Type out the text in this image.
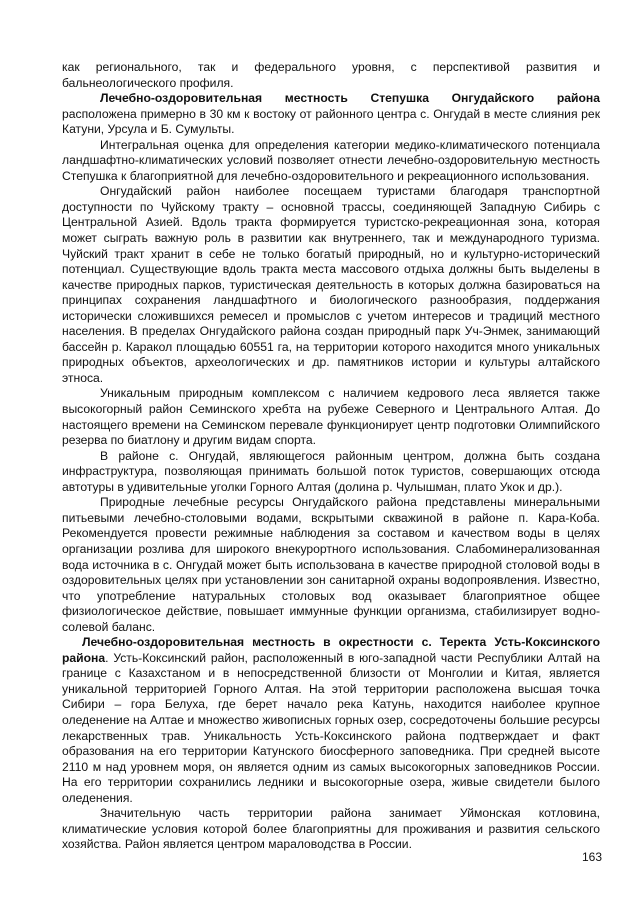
как регионального, так и федерального уровня, с перспективой развития и бальнеологического профиля.

Лечебно-оздоровительная местность Степушка Онгудайского района расположена примерно в 30 км к востоку от районного центра с. Онгудай в месте слияния рек Катуни, Урсула и Б. Сумульты.

Интегральная оценка для определения категории медико-климатического потенциала ландшафтно-климатических условий позволяет отнести лечебно-оздоровительную местность Степушка к благоприятной для лечебно-оздоровительного и рекреационного использования.

Онгудайский район наиболее посещаем туристами благодаря транспортной доступности по Чуйскому тракту – основной трассы, соединяющей Западную Сибирь с Центральной Азией. Вдоль тракта формируется туристско-рекреационная зона, которая может сыграть важную роль в развитии как внутреннего, так и международного туризма. Чуйский тракт хранит в себе не только богатый природный, но и культурно-исторический потенциал. Существующие вдоль тракта места массового отдыха должны быть выделены в качестве природных парков, туристическая деятельность в которых должна базироваться на принципах сохранения ландшафтного и биологического разнообразия, поддержания исторически сложившихся ремесел и промыслов с учетом интересов и традиций местного населения. В пределах Онгудайского района создан природный парк Уч-Энмек, занимающий бассейн р. Каракол площадью 60551 га, на территории которого находится много уникальных природных объектов, археологических и др. памятников истории и культуры алтайского этноса.

Уникальным природным комплексом с наличием кедрового леса является также высокогорный район Семинского хребта на рубеже Северного и Центрального Алтая. До настоящего времени на Семинском перевале функционирует центр подготовки Олимпийского резерва по биатлону и другим видам спорта.

В районе с. Онгудай, являющегося районным центром, должна быть создана инфраструктура, позволяющая принимать большой поток туристов, совершающих отсюда автотуры в удивительные уголки Горного Алтая (долина р. Чулышман, плато Укок и др.).

Природные лечебные ресурсы Онгудайского района представлены минеральными питьевыми лечебно-столовыми водами, вскрытыми скважиной в районе п. Кара-Коба. Рекомендуется провести режимные наблюдения за составом и качеством воды в целях организации розлива для широкого внекурортного использования. Слабоминерализованная вода источника в с. Онгудай может быть использована в качестве природной столовой воды в оздоровительных целях при установлении зон санитарной охраны водопроявления. Известно, что употребление натуральных столовых вод оказывает благоприятное общее физиологическое действие, повышает иммунные функции организма, стабилизирует водно-солевой баланс.

Лечебно-оздоровительная местность в окрестности с. Теректа Усть-Коксинского района. Усть-Коксинский район, расположенный в юго-западной части Республики Алтай на границе с Казахстаном и в непосредственной близости от Монголии и Китая, является уникальной территорией Горного Алтая. На этой территории расположена высшая точка Сибири – гора Белуха, где берет начало река Катунь, находится наиболее крупное оледенение на Алтае и множество живописных горных озер, сосредоточены большие ресурсы лекарственных трав. Уникальность Усть-Коксинского района подтверждает и факт образования на его территории Катунского биосферного заповедника. При средней высоте 2110 м над уровнем моря, он является одним из самых высокогорных заповедников России. На его территории сохранились ледники и высокогорные озера, живые свидетели былого оледенения.

Значительную часть территории района занимает Уймонская котловина, климатические условия которой более благоприятны для проживания и развития сельского хозяйства. Район является центром мараловодства в России.

163
